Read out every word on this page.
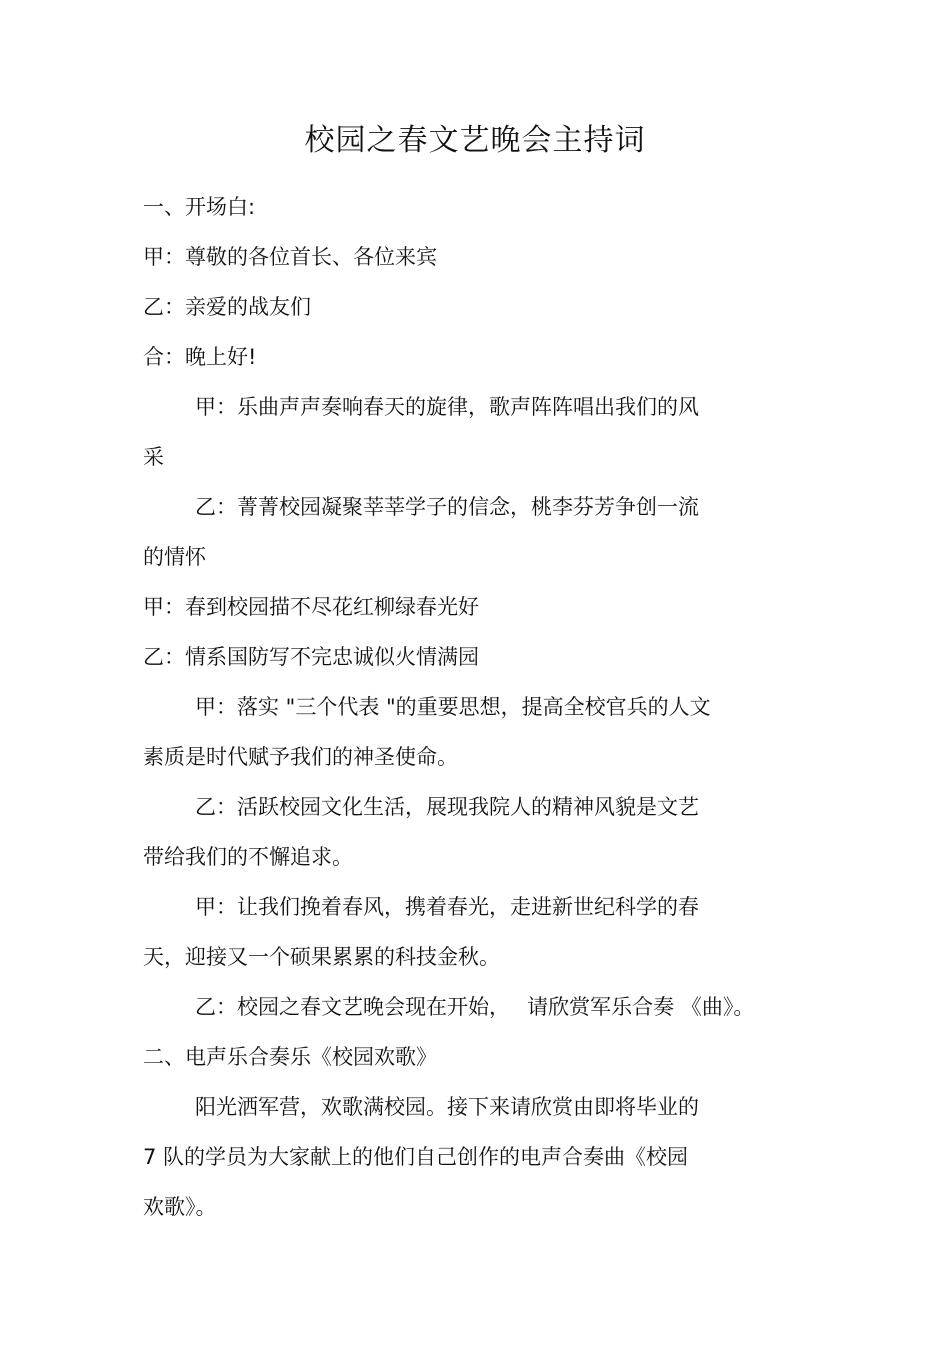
校园之春文艺晚会主持词
一、开场白:
甲：尊敬的各位首长、各位来宾
乙：亲爱的战友们
合：晚上好!
甲：乐曲声声奏响春天的旋律，歌声阵阵唱出我们的风
采
乙：菁菁校园凝聚莘莘学子的信念，桃李芬芳争创一流
的情怀
甲：春到校园描不尽花红柳绿春光好
乙：情系国防写不完忠诚似火情满园
甲：落实 "三个代表 "的重要思想，提高全校官兵的人文
素质是时代赋予我们的神圣使命。
乙：活跃校园文化生活，展现我院人的精神风貌是文艺
带给我们的不懈追求。
甲：让我们挽着春风，携着春光，走进新世纪科学的春
天，迎接又一个硕果累累的科技金秋。
乙：校园之春文艺晚会现在开始，　 请欣赏军乐合奏 《曲》。
二、电声乐合奏乐《校园欢歌》
阳光洒军营，欢歌满校园。接下来请欣赏由即将毕业的
7 队的学员为大家献上的他们自己创作的电声合奏曲《校园
欢歌》。
